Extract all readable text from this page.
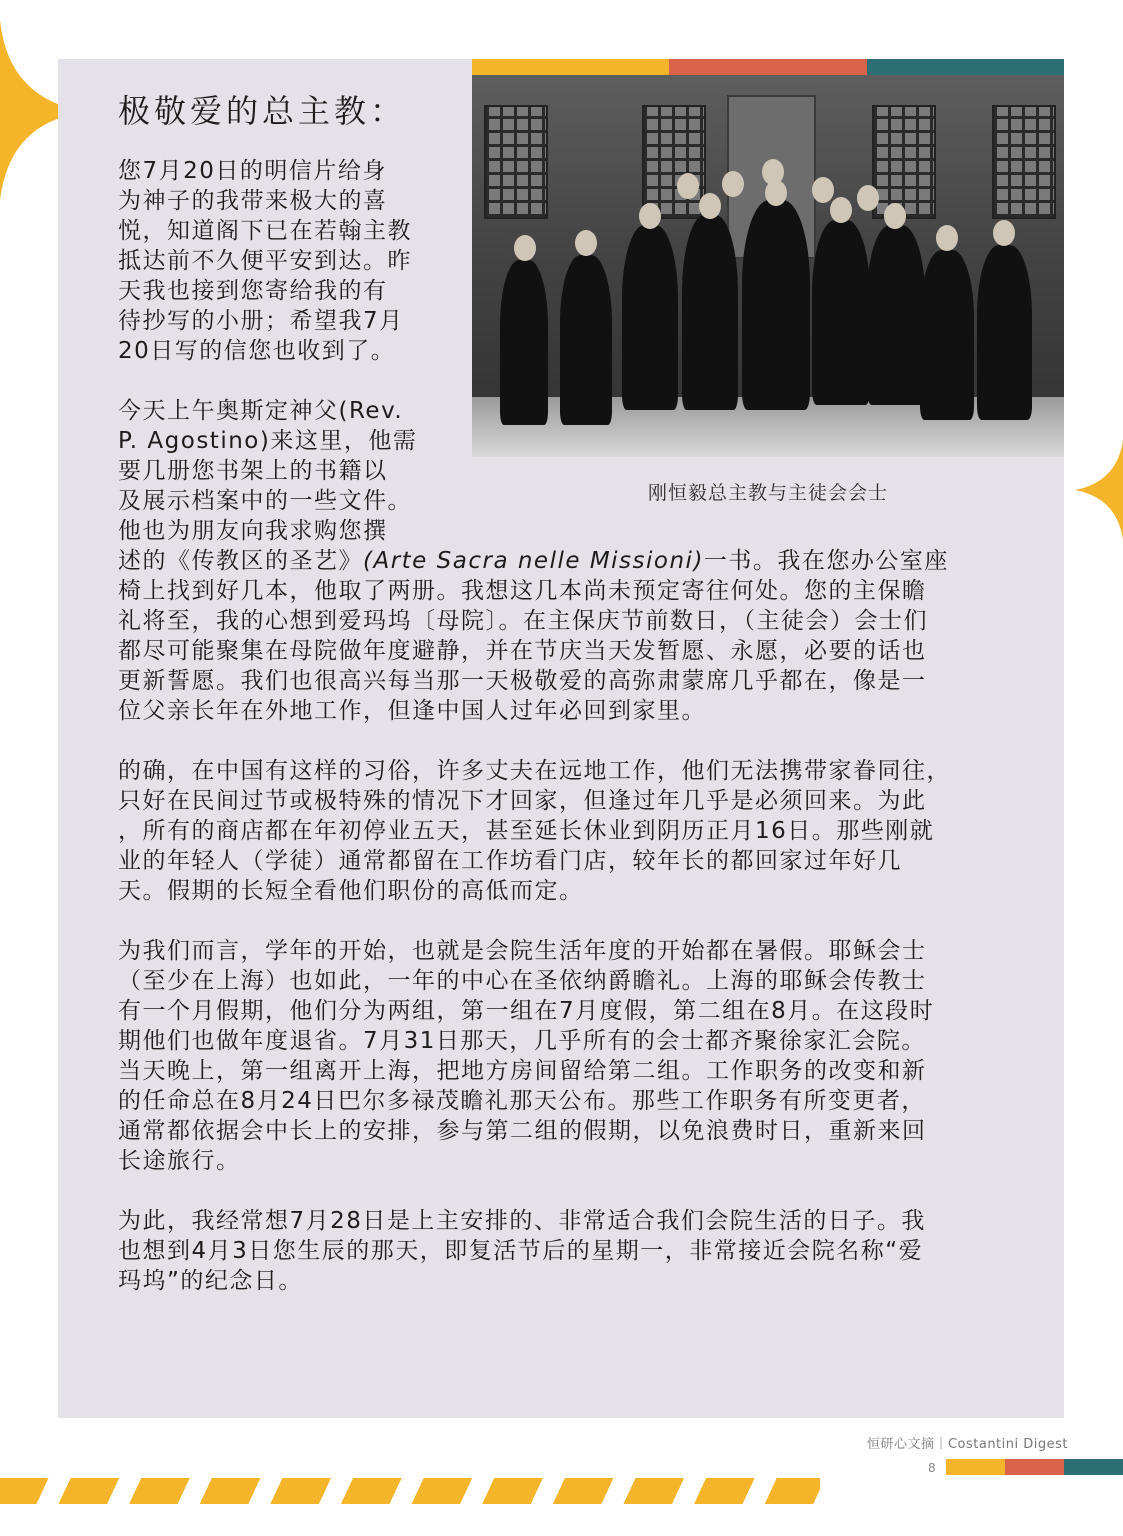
刚恒毅总主教与主徒会会士
极敬爱的总主教：

您7月20日的明信片给身

为神子的我带来极大的喜

悦，知道阁下已在若翰主教

抵达前不久便平安到达。昨

天我也接到您寄给我的有

待抄写的小册；希望我7月

20日写的信您也收到了。

今天上午奥斯定神父(Rev.

P. Agostino)来这里，他需

要几册您书架上的书籍以

及展示档案中的一些文件。

他也为朋友向我求购您撰

述的《传教区的圣艺》(Arte Sacra nelle Missioni)一书。我在您办公室座

椅上找到好几本，他取了两册。我想这几本尚未预定寄往何处。您的主保瞻

礼将至，我的心想到爱玛坞〔母院〕。在主保庆节前数日，（主徒会）会士们

都尽可能聚集在母院做年度避静，并在节庆当天发暂愿、永愿，必要的话也

更新誓愿。我们也很高兴每当那一天极敬爱的高弥肃蒙席几乎都在，像是一

位父亲长年在外地工作，但逢中国人过年必回到家里。

的确，在中国有这样的习俗，许多丈夫在远地工作，他们无法携带家眷同往，

只好在民间过节或极特殊的情况下才回家，但逢过年几乎是必须回来。为此

，所有的商店都在年初停业五天，甚至延长休业到阴历正月16日。那些刚就

业的年轻人（学徒）通常都留在工作坊看门店，较年长的都回家过年好几

天。假期的长短全看他们职份的高低而定。

为我们而言，学年的开始，也就是会院生活年度的开始都在暑假。耶稣会士

（至少在上海）也如此，一年的中心在圣依纳爵瞻礼。上海的耶稣会传教士

有一个月假期，他们分为两组，第一组在7月度假，第二组在8月。在这段时

期他们也做年度退省。7月31日那天，几乎所有的会士都齐聚徐家汇会院。

当天晚上，第一组离开上海，把地方房间留给第二组。工作职务的改变和新

的任命总在8月24日巴尔多禄茂瞻礼那天公布。那些工作职务有所变更者，

通常都依据会中长上的安排，参与第二组的假期，以免浪费时日，重新来回

长途旅行。

为此，我经常想7月28日是上主安排的、非常适合我们会院生活的日子。我

也想到4月3日您生辰的那天，即复活节后的星期一，非常接近会院名称“爱

玛坞”的纪念日。

恒研心文摘｜Costantini Digest
8
